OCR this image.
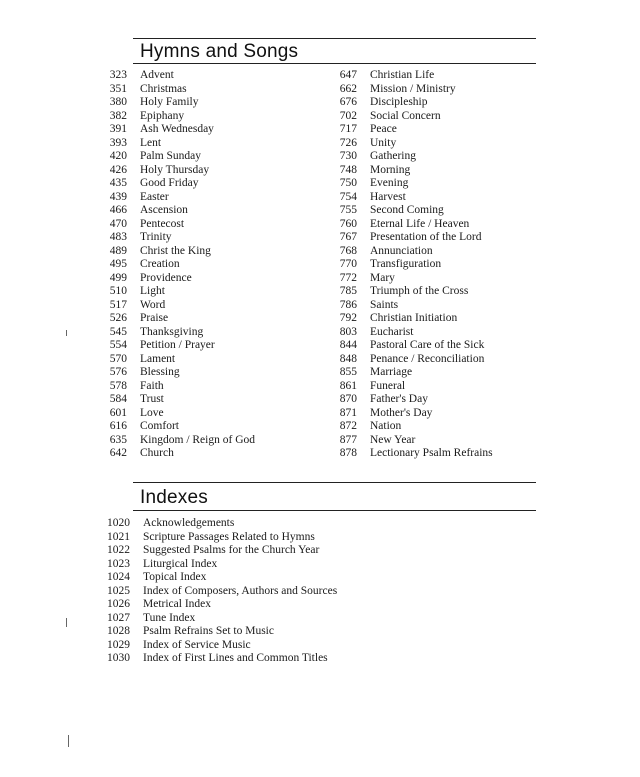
Hymns and Songs
323 Advent
351 Christmas
380 Holy Family
382 Epiphany
391 Ash Wednesday
393 Lent
420 Palm Sunday
426 Holy Thursday
435 Good Friday
439 Easter
466 Ascension
470 Pentecost
483 Trinity
489 Christ the King
495 Creation
499 Providence
510 Light
517 Word
526 Praise
545 Thanksgiving
554 Petition / Prayer
570 Lament
576 Blessing
578 Faith
584 Trust
601 Love
616 Comfort
635 Kingdom / Reign of God
642 Church
647 Christian Life
662 Mission / Ministry
676 Discipleship
702 Social Concern
717 Peace
726 Unity
730 Gathering
748 Morning
750 Evening
754 Harvest
755 Second Coming
760 Eternal Life / Heaven
767 Presentation of the Lord
768 Annunciation
770 Transfiguration
772 Mary
785 Triumph of the Cross
786 Saints
792 Christian Initiation
803 Eucharist
844 Pastoral Care of the Sick
848 Penance / Reconciliation
855 Marriage
861 Funeral
870 Father's Day
871 Mother's Day
872 Nation
877 New Year
878 Lectionary Psalm Refrains
Indexes
1020 Acknowledgements
1021 Scripture Passages Related to Hymns
1022 Suggested Psalms for the Church Year
1023 Liturgical Index
1024 Topical Index
1025 Index of Composers, Authors and Sources
1026 Metrical Index
1027 Tune Index
1028 Psalm Refrains Set to Music
1029 Index of Service Music
1030 Index of First Lines and Common Titles
